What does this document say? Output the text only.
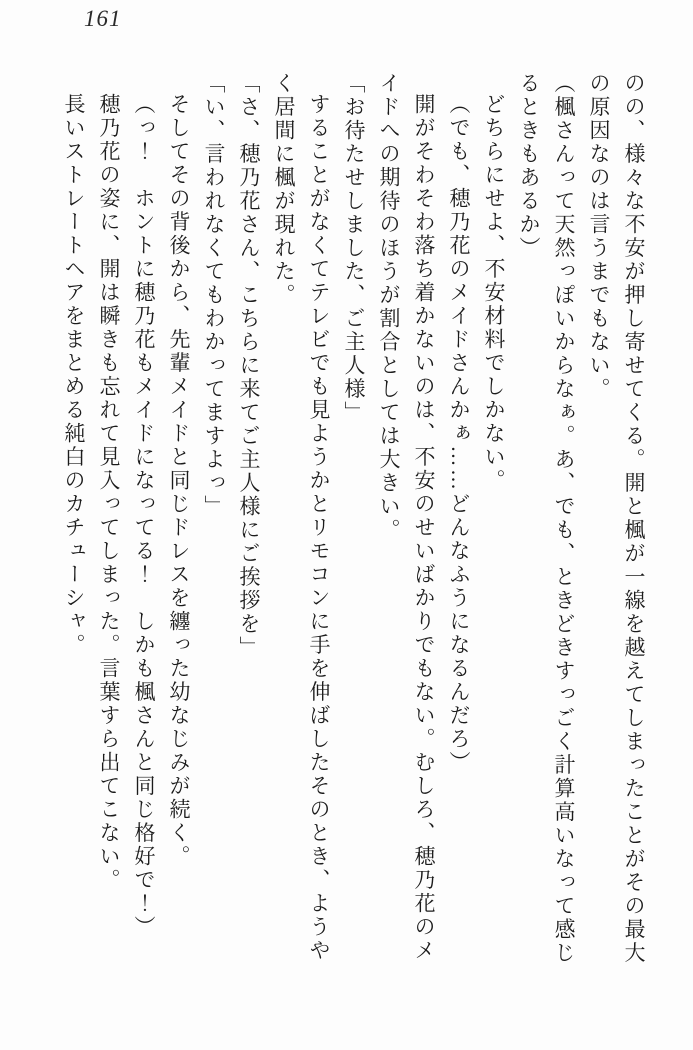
161

のの、様々な不安が押し寄せてくる。開と楓が一線を越えてしまったことがその最大の原因なのは言うまでもない。

（楓さんって天然っぽいからなぁ。あ、でも、ときどきすっごく計算高いなって感じるときもあるか）

どちらにせよ、不安材料でしかない。

（でも、穂乃花のメイドさんかぁ……どんなふうになるんだろ）

開がそわそわ落ち着かないのは、不安のせいばかりでもない。むしろ、穂乃花のメイドへの期待のほうが割合としては大きい。

「お待たせしました、ご主人様」

することがなくてテレビでも見ようかとリモコンに手を伸ばしたそのとき、ようやく居間に楓が現れた。

「さ、穂乃花さん、こちらに来てご主人様にご挨拶を」

「い、言われなくてもわかってますよっ」

そしてその背後から、先輩メイドと同じドレスを纏った幼なじみが続く。

（っ！　ホントに穂乃花もメイドになってる！　しかも楓さんと同じ格好で！）

穂乃花の姿に、開は瞬きも忘れて見入ってしまった。言葉すら出てこない。

長いストレートヘアをまとめる純白のカチューシャ。
